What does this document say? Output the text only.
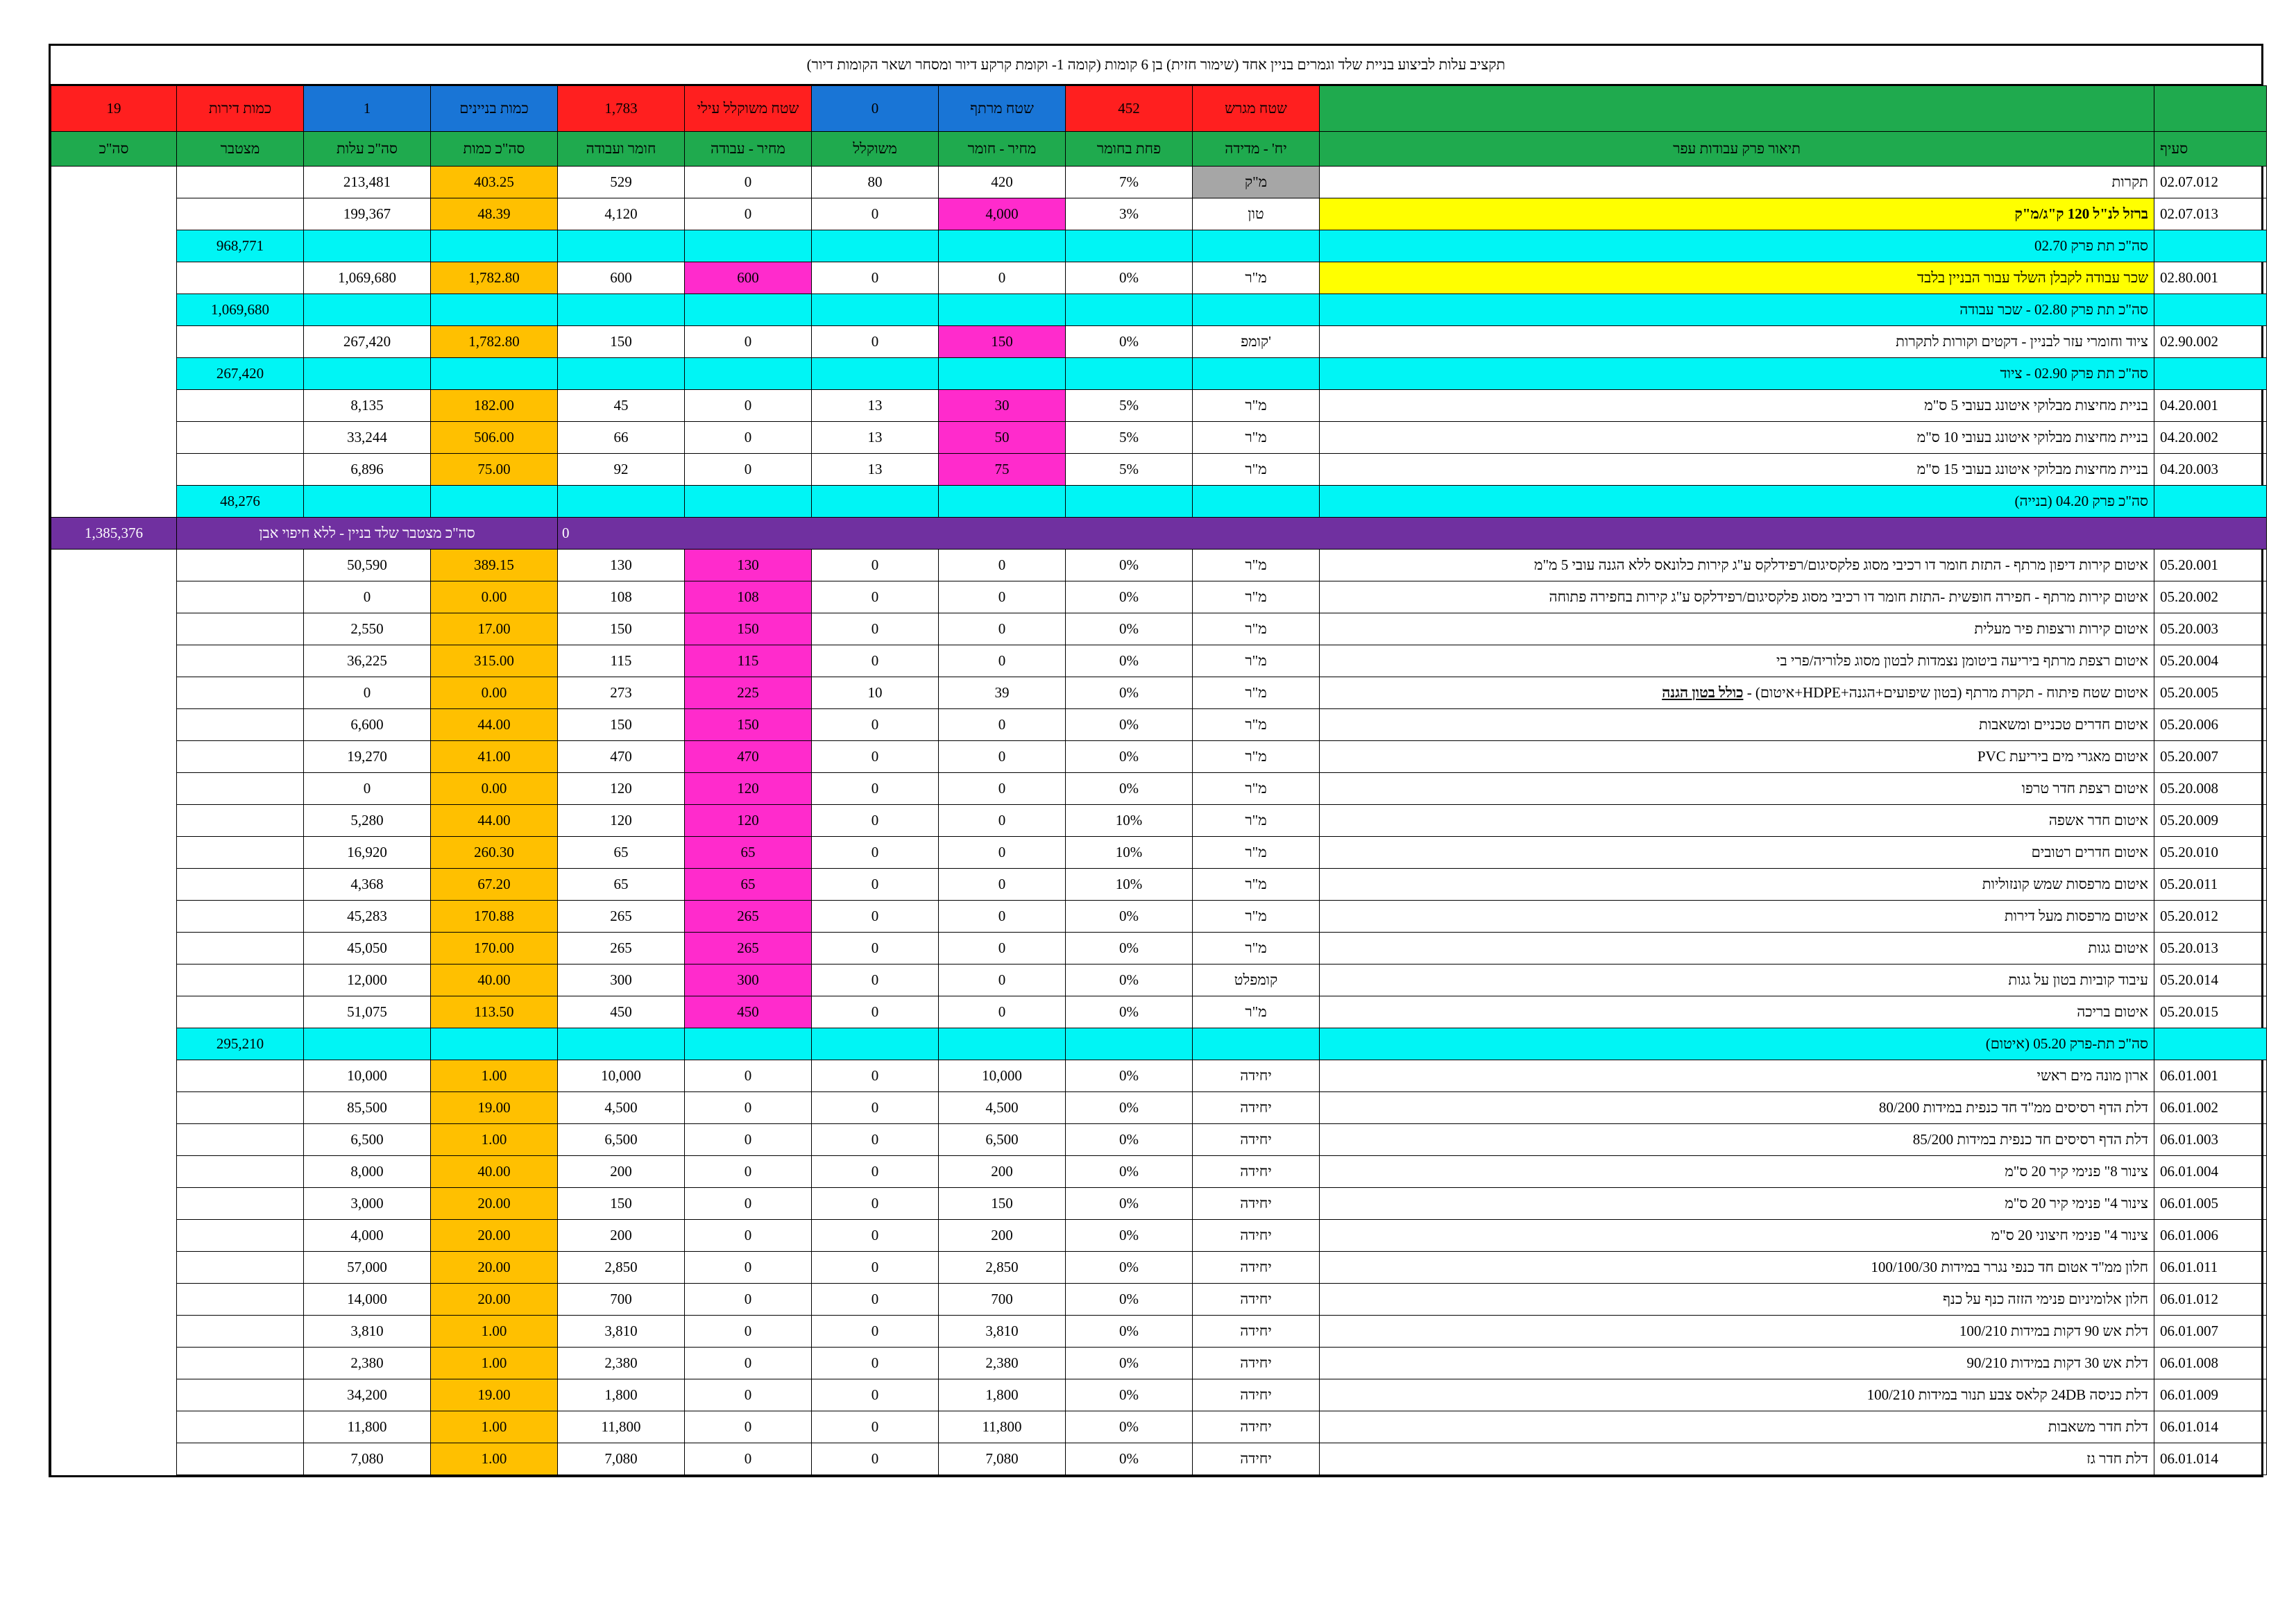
תקציב עלות לביצוע בניית שלד וגמרים בניין אחד (שימור חזית) בן 6 קומות (קומה 1- וקומת קרקע דיור ומסחר ושאר הקומות דיור)
19	כמות דירות	1	כמות בניינים	1,783	שטח משוקלל עילי	0	שטח מרתף	452	שטח מגרש		
סה"כ	מצטבר	סה"כ עלות	סה"כ כמות	חומר ועבודה	מחיר - עבודה	משוקלל	מחיר - חומר	פחת בחומר	יח' - מדידה	תיאור פרק עבודות עפר	סעיף
		213,481	403.25	529	0	80	420	7%	מ"ק	תקרות	02.07.012
		199,367	48.39	4,120	0	0	4,000	3%	טון	ברזל לנ"ל 120 ק"ג/מ"ק	02.07.013
	968,771									סה"כ תת פרק 02.70	
		1,069,680	1,782.80	600	600	0	0	0%	מ"ר	שכר עבודה לקבלן השלד עבור הבניין בלבד	02.80.001
	1,069,680									סה"כ תת פרק 02.80 - שכר עבודה	
		267,420	1,782.80	150	0	0	150	0%	קומפ'	ציוד וחומרי עזר לבניין - דקטים וקורות לתקרות	02.90.002
	267,420									סה"כ תת פרק 02.90 - ציוד	
		8,135	182.00	45	0	13	30	5%	מ"ר	בניית מחיצות מבלוקי איטונג בעובי 5 ס"מ	04.20.001
		33,244	506.00	66	0	13	50	5%	מ"ר	בניית מחיצות מבלוקי איטונג בעובי 10 ס"מ	04.20.002
		6,896	75.00	92	0	13	75	5%	מ"ר	בניית מחיצות מבלוקי איטונג בעובי 15 ס"מ	04.20.003
	48,276									סה"כ פרק 04.20 (בנייה)	
1,385,376	סה"כ מצטבר שלד בניין - ללא חיפוי אבן			0							
		50,590	389.15	130	130	0	0	0%	מ"ר	איטום קירות דיפון מרתף - התזת חומר דו רכיבי מסוג פלקסיגום/רפידלקס ע"ג קירות כלונאס ללא הגנה עובי 5 מ"מ	05.20.001
		0	0.00	108	108	0	0	0%	מ"ר	איטום קירות מרתף - חפירה חופשית -התזת חומר דו רכיבי מסוג פלקסיגום/רפידלקס ע"ג קירות בחפירה פתוחה	05.20.002
		2,550	17.00	150	150	0	0	0%	מ"ר	איטום קירות ורצפות פיר מעלית	05.20.003
		36,225	315.00	115	115	0	0	0%	מ"ר	איטום רצפת מרתף ביריעה ביטומן נצמדות לבטון מסוג פלוריה/פרי בי	05.20.004
		0	0.00	273	225	10	39	0%	מ"ר	איטום שטח פיתוח - תקרת מרתף (בטון שיפועים+הגנה+HDPE+איטום) - כולל בטון הגנה	05.20.005
		6,600	44.00	150	150	0	0	0%	מ"ר	איטום חדרים טכניים ומשאבות	05.20.006
		19,270	41.00	470	470	0	0	0%	מ"ר	איטום מאגרי מים ביריעת PVC	05.20.007
		0	0.00	120	120	0	0	0%	מ"ר	איטום רצפת חדר טרפו	05.20.008
		5,280	44.00	120	120	0	0	10%	מ"ר	איטום חדר אשפה	05.20.009
		16,920	260.30	65	65	0	0	10%	מ"ר	איטום חדרים רטובים	05.20.010
		4,368	67.20	65	65	0	0	10%	מ"ר	איטום מרפסות שמש קונזוליות	05.20.011
		45,283	170.88	265	265	0	0	0%	מ"ר	איטום מרפסות מעל דירות	05.20.012
		45,050	170.00	265	265	0	0	0%	מ"ר	איטום גגות	05.20.013
		12,000	40.00	300	300	0	0	0%	קומפלט	עיבוד קוביות בטון על גגות	05.20.014
		51,075	113.50	450	450	0	0	0%	מ"ר	איטום בריכה	05.20.015
	295,210									סה"כ תת-פרק 05.20 (איטום)	
		10,000	1.00	10,000	0	0	10,000	0%	יחידה	ארון מונה מים ראשי	06.01.001
		85,500	19.00	4,500	0	0	4,500	0%	יחידה	דלת הדף רסיסים ממ"ד חד כנפית במידות 80/200	06.01.002
		6,500	1.00	6,500	0	0	6,500	0%	יחידה	דלת הדף רסיסים חד כנפית במידות 85/200	06.01.003
		8,000	40.00	200	0	0	200	0%	יחידה	צינור 8" פנימי קיר 20 ס"מ	06.01.004
		3,000	20.00	150	0	0	150	0%	יחידה	צינור 4" פנימי קיר 20 ס"מ	06.01.005
		4,000	20.00	200	0	0	200	0%	יחידה	צינור 4" פנימי חיצוני 20 ס"מ	06.01.006
		57,000	20.00	2,850	0	0	2,850	0%	יחידה	חלון ממ"ד אטום חד כנפי נגרר במידות 100/100/30	06.01.011
		14,000	20.00	700	0	0	700	0%	יחידה	חלון אלומיניום פנימי הזזה כנף על כנף	06.01.012
		3,810	1.00	3,810	0	0	3,810	0%	יחידה	דלת אש 90 דקות במידות 100/210	06.01.007
		2,380	1.00	2,380	0	0	2,380	0%	יחידה	דלת אש 30 דקות במידות 90/210	06.01.008
		34,200	19.00	1,800	0	0	1,800	0%	יחידה	דלת כניסה 24DB קלאס צבע תנור במידות 100/210	06.01.009
		11,800	1.00	11,800	0	0	11,800	0%	יחידה	דלת חדר משאבות	06.01.014
		7,080	1.00	7,080	0	0	7,080	0%	יחידה	דלת חדר גז	06.01.014
